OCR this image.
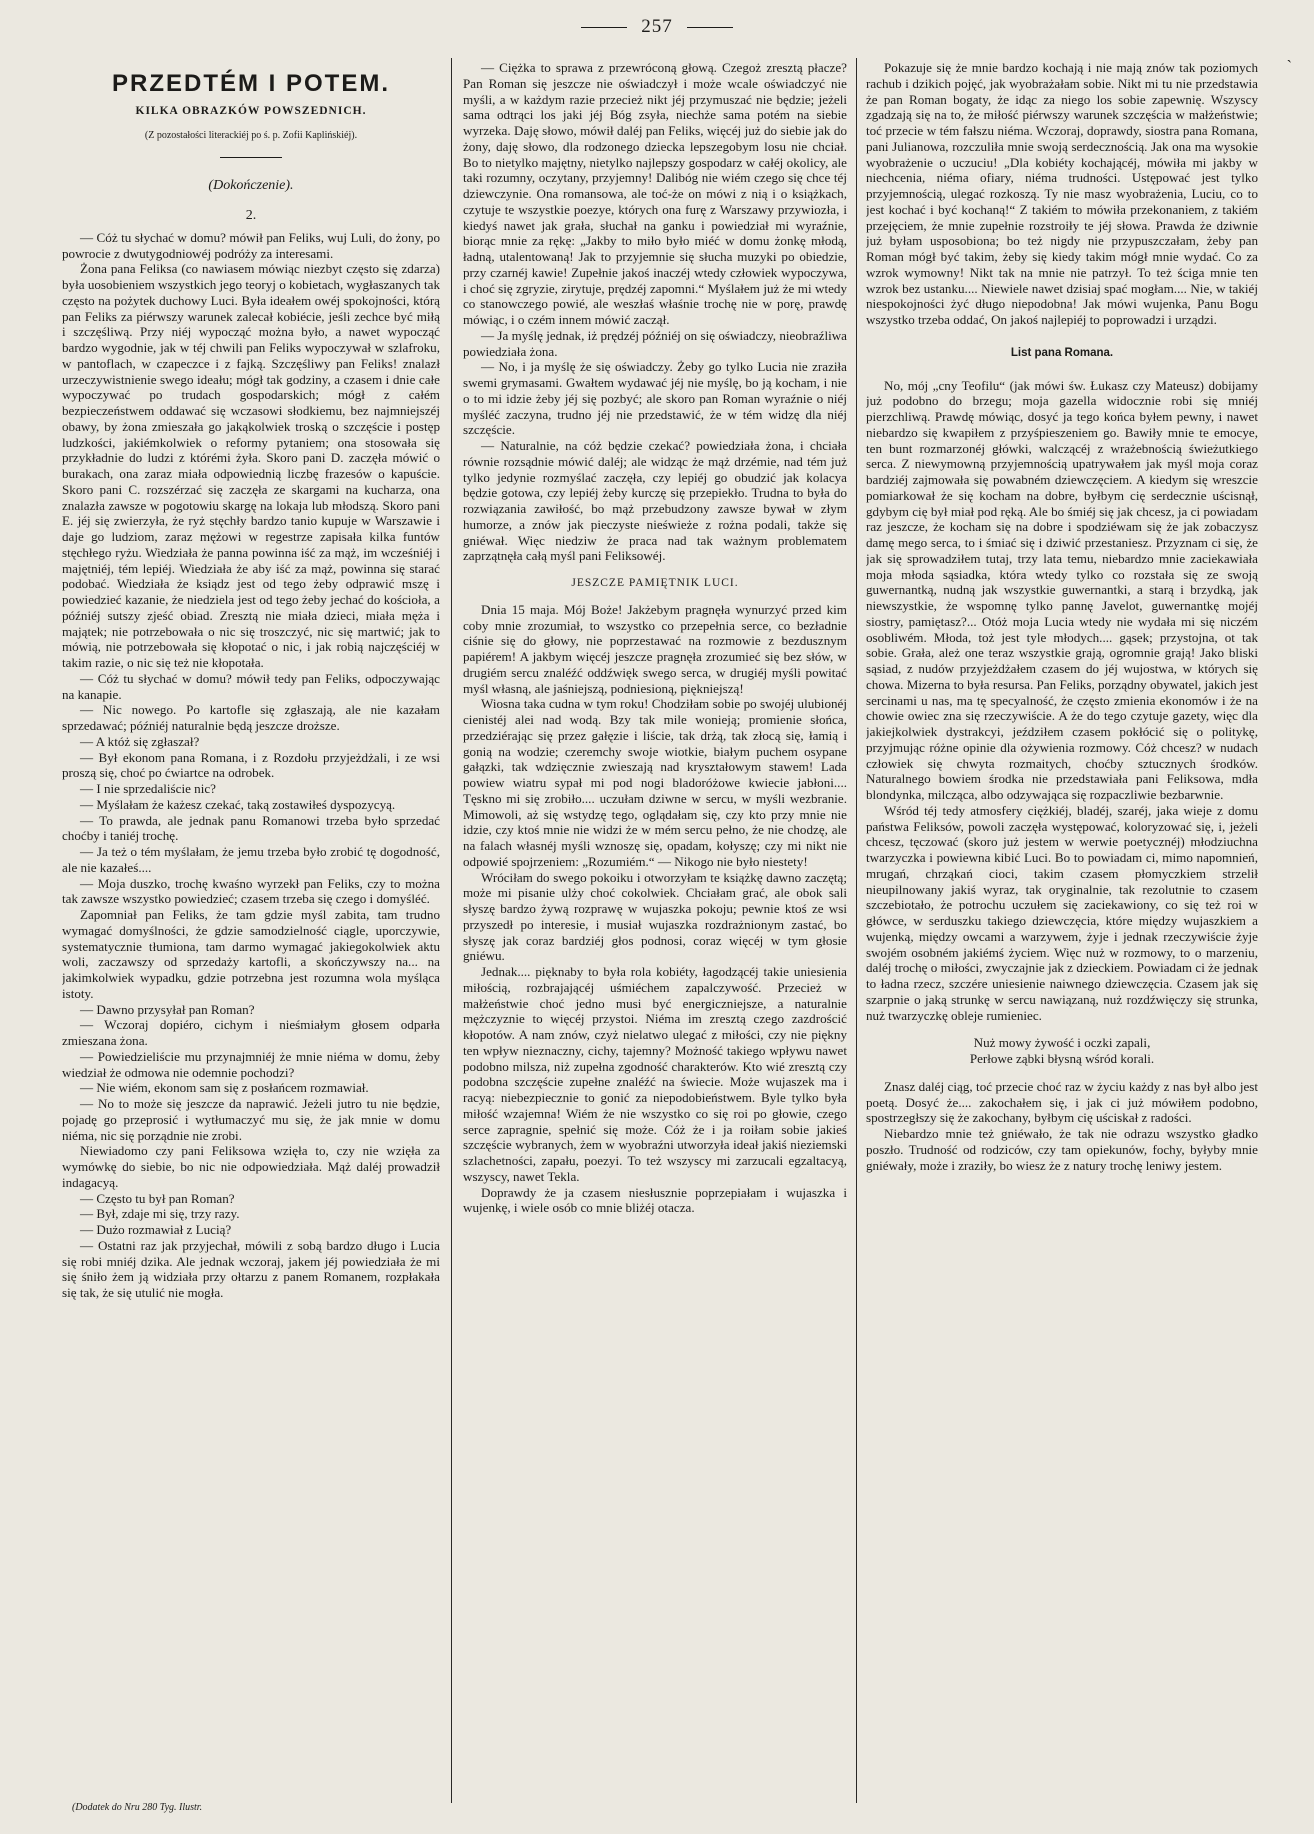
257
PRZEDTÉM I POTEM.
KILKA OBRAZKÓW POWSZEDNICH.
(Z pozostałości literackiéj po ś. p. Zofii Kaplińskiéj).
(Dokończenie).
2.

— Cóż tu słychać w domu? mówił pan Feliks, wuj Luli, do żony, po powrocie z dwutygodniowéj podróży za interesami.

Żona pana Feliksa (co nawiasem mówiąc niezbyt często się zdarza) była uosobieniem wszystkich jego teoryj o kobietach, wygłaszanych tak często na pożytek duchowy Luci. Była ideałem owéj spokojności, którą pan Feliks za piérwszy warunek zalecał kobiécie, jeśli zechce być miłą i szczęśliwą. Przy niéj wypocząć można było, a nawet wypocząć bardzo wygodnie, jak w téj chwili pan Feliks wypoczywał w szlafroku, w pantoflach, w czapeczce i z fajką. Szczęśliwy pan Feliks! znalazł urzeczywistnienie swego ideału; mógł tak godziny, a czasem i dnie całe wypoczywać po trudach gospodarskich; mógł z całém bezpieczeństwem oddawać się wczasowi słodkiemu, bez najmniejszéj obawy, by żona zmieszała go jakąkolwiek troską o szczęście i postęp ludzkości, jakiémkolwiek o reformy pytaniem; ona stosowała się przykładnie do ludzi z którémi żyła. Skoro pani D. zaczęła mówić o burakach, ona zaraz miała odpowiednią liczbę frazesów o kapuście. Skoro pani C. rozszérzać się zaczęła ze skargami na kucharza, ona znalazła zawsze w pogotowiu skargę na lokaja lub młodszą. Skoro pani E. jéj się zwierzyła, że ryż stęchły bardzo tanio kupuje w Warszawie i daje go ludziom, zaraz mężowi w regestrze zapisała kilka funtów stęchłego ryżu. Wiedziała że panna powinna iść za mąż, im wcześniéj i majętniéj, tém lepiéj. Wiedziała że aby iść za mąż, powinna się starać podobać. Wiedziała że ksiądz jest od tego żeby odprawić mszę i powiedzieć kazanie, że niedziela jest od tego żeby jechać do kościoła, a późniéj sutszy zjeść obiad. Zresztą nie miała dzieci, miała męża i majątek; nie potrzebowała o nic się troszczyć, nic się martwić; jak to mówią, nie potrzebowała się kłopotać o nic, i jak robią najczęściéj w takim razie, o nic się też nie kłopotała.

— Cóż tu słychać w domu? mówił tedy pan Feliks, odpoczywając na kanapie.

— Nic nowego. Po kartofle się zgłaszają, ale nie kazałam sprzedawać; późniéj naturalnie będą jeszcze droższe.

— A któż się zgłaszał?

— Był ekonom pana Romana, i z Rozdołu przyjeżdżali, i ze wsi proszą się, choć po ćwiartce na odrobek.

— I nie sprzedaliście nic?

— Myślałam że każesz czekać, taką zostawiłeś dyspozycyą.

— To prawda, ale jednak panu Romanowi trzeba było sprzedać choćby i taniéj trochę.

— Ja też o tém myślałam, że jemu trzeba było zrobić tę dogodność, ale nie kazałeś....

— Moja duszko, trochę kwaśno wyrzekł pan Feliks, czy to można tak zawsze wszystko powiedzieć; czasem trzeba się czego i domyśléć.

Zapomniał pan Feliks, że tam gdzie myśl zabita, tam trudno wymagać domyślności, że gdzie samodzielność ciągle, uporczywie, systematycznie tłumiona, tam darmo wymagać jakiegokolwiek aktu woli, zaczawszy od sprzedaży kartofli, a skończywszy na... na jakimkolwiek wypadku, gdzie potrzebna jest rozumna wola myśląca istoty.

— Dawno przysyłał pan Roman?

— Wczoraj dopiéro, cichym i nieśmiałym głosem odparła zmieszana żona.

— Powiedzieliście mu przynajmniéj że mnie niéma w domu, żeby wiedział że odmowa nie odemnie pochodzi?

— Nie wiém, ekonom sam się z posłańcem rozmawiał.

— No to może się jeszcze da naprawić. Jeżeli jutro tu nie będzie, pojadę go przeprosić i wytłumaczyć mu się, że jak mnie w domu niéma, nic się porządnie nie zrobi.

Niewiadomo czy pani Feliksowa wzięła to, czy nie wzięła za wymówkę do siebie, bo nic nie odpowiedziała. Mąż daléj prowadził indagacyą.

— Często tu był pan Roman?

— Był, zdaje mi się, trzy razy.

— Dużo rozmawiał z Lucią?

— Ostatni raz jak przyjechał, mówili z sobą bardzo długo i Lucia się robi mniéj dzika. Ale jednak wczoraj, jakem jéj powiedziała że mi się śniło żem ją widziała przy ołtarzu z panem Romanem, rozpłakała się tak, że się utulić nie mogła.

— Ciężka to sprawa z przewróconą głową. Czegoż zresztą płacze? Pan Roman się jeszcze nie oświadczył i może wcale oświadczyć nie myśli, a w każdym razie przecież nikt jéj przymuszać nie będzie; jeżeli sama odtrąci los jaki jéj Bóg zsyła, niechże sama potém na siebie wyrzeka. Daję słowo, mówił daléj pan Feliks, więcéj już do siebie jak do żony, daję słowo, dla rodzonego dziecka lepszegobym losu nie chciał. Bo to nietylko majętny, nietylko najlepszy gospodarz w całéj okolicy, ale taki rozumny, oczytany, przyjemny! Dalibóg nie wiém czego się chce téj dziewczynie. Ona romansowa, ale toć-że on mówi z nią i o książkach, czytuje te wszystkie poezye, których ona furę z Warszawy przywiozła, i kiedyś nawet jak grała, słuchał na ganku i powiedział mi wyraźnie, biorąc mnie za rękę: „Jakby to miło było miéć w domu żonkę młodą, ładną, utalentowaną! Jak to przyjemnie się słucha muzyki po obiedzie, przy czarnéj kawie! Zupełnie jakoś inaczéj wtedy człowiek wypoczywa, i choć się zgryzie, zirytuje, prędzéj zapomni.“ Myślałem już że mi wtedy co stanowczego powié, ale weszłaś właśnie trochę nie w porę, prawdę mówiąc, i o czém innem mówić zaczął.

— Ja myślę jednak, iż prędzéj późniéj on się oświadczy, nieobraźliwa powiedziała żona.

— No, i ja myślę że się oświadczy. Żeby go tylko Lucia nie zraziła swemi grymasami. Gwałtem wydawać jéj nie myślę, bo ją kocham, i nie o to mi idzie żeby jéj się pozbyć; ale skoro pan Roman wyraźnie o niéj myśléć zaczyna, trudno jéj nie przedstawić, że w tém widzę dla niéj szczęście.

— Naturalnie, na cóż będzie czekać? powiedziała żona, i chciała równie rozsądnie mówić daléj; ale widząc że mąż drzémie, nad tém już tylko jedynie rozmyślać zaczęła, czy lepiéj go obudzić jak kolacya będzie gotowa, czy lepiéj żeby kurczę się przepiekło. Trudna to była do rozwiązania zawiłość, bo mąż przebudzony zawsze bywał w złym humorze, a znów jak pieczyste nieświeże z rożna podali, także się gniéwał. Więc niedziw że praca nad tak ważnym problematem zaprzątnęła całą myśl pani Feliksowéj.

JESZCZE PAMIĘTNIK LUCI.

Dnia 15 maja. Mój Boże! Jakżebym pragnęła wynurzyć przed kim coby mnie zrozumiał, to wszystko co przepełnia serce, co bezładnie ciśnie się do głowy, nie poprzestawać na rozmowie z bezdusznym papiérem! A jakbym więcéj jeszcze pragnęła zrozumieć się bez słów, w drugiém sercu znaléźć oddźwięk swego serca, w drugiéj myśli powitać myśl własną, ale jaśniejszą, podniesioną, piękniejszą!

Wiosna taka cudna w tym roku! Chodziłam sobie po swojéj ulubionéj cienistéj alei nad wodą. Bzy tak mile wonieją; promienie słońca, przedziérając się przez gałęzie i liście, tak drżą, tak złocą się, łamią i gonią na wodzie; czeremchy swoje wiotkie, białym puchem osypane gałązki, tak wdzięcznie zwieszają nad kryształowym stawem! Lada powiew wiatru sypał mi pod nogi bladoróżowe kwiecie jabłoni.... Tęskno mi się zrobiło.... uczułam dziwne w sercu, w myśli wezbranie. Mimowoli, aż się wstydzę tego, oglądałam się, czy kto przy mnie nie idzie, czy ktoś mnie nie widzi że w mém sercu pełno, że nie chodzę, ale na falach własnéj myśli wznoszę się, opadam, kołyszę; czy mi nikt nie odpowié spojrzeniem: „Rozumiém.“ — Nikogo nie było niestety!

Wróciłam do swego pokoiku i otworzyłam te książkę dawno zaczętą; może mi pisanie ulży choć cokolwiek. Chciałam grać, ale obok sali słyszę bardzo żywą rozprawę w wujaszka pokoju; pewnie ktoś ze wsi przyszedł po interesie, i musiał wujaszka rozdrażnionym zastać, bo słyszę jak coraz bardziéj głos podnosi, coraz więcéj w tym głosie gniéwu.

Jednak.... pięknaby to była rola kobiéty, łagodzącéj takie uniesienia miłością, rozbrajającéj uśmiéchem zapalczywość. Przecież w małżeństwie choć jedno musi być energiczniejsze, a naturalnie mężczyznie to więcéj przystoi. Niéma im zresztą czego zazdrościć kłopotów. A nam znów, czyż nielatwo ulegać z miłości, czy nie piękny ten wpływ nieznaczny, cichy, tajemny? Możność takiego wpływu nawet podobno milsza, niż zupełna zgodność charakterów. Kto wié zresztą czy podobna szczęście zupełne znaléźć na świecie. Może wujaszek ma i racyą: niebezpiecznie to gonić za niepodobieństwem. Byle tylko była miłość wzajemna! Wiém że nie wszystko co się roi po głowie, czego serce zapragnie, spełnić się może. Cóż że i ja roiłam sobie jakieś szczęście wybranych, żem w wyobraźni utworzyła ideał jakiś nieziemski szlachetności, zapału, poezyi. To też wszyscy mi zarzucali egzaltacyą, wszyscy, nawet Tekla.

Doprawdy że ja czasem niesłusznie poprzepiałam i wujaszka i wujenkę, i wiele osób co mnie bliżéj otacza.

Pokazuje się że mnie bardzo kochają i nie mają znów tak poziomych rachub i dzikich pojęć, jak wyobrażałam sobie. Nikt mi tu nie przedstawia że pan Roman bogaty, że idąc za niego los sobie zapewnię. Wszyscy zgadzają się na to, że miłość piérwszy warunek szczęścia w małżeństwie; toć przecie w tém fałszu niéma. Wczoraj, doprawdy, siostra pana Romana, pani Julianowa, rozczuliła mnie swoją serdecznością. Jak ona ma wysokie wyobrażenie o uczuciu! „Dla kobiéty kochającéj, mówiła mi jakby w niechcenia, niéma ofiary, niéma trudności. Ustępować jest tylko przyjemnością, ulegać rozkoszą. Ty nie masz wyobrażenia, Luciu, co to jest kochać i być kochaną!“ Z takiém to mówiła przekonaniem, z takiém przejęciem, że mnie zupełnie rozstroiły te jéj słowa. Prawda że dziwnie już byłam usposobiona; bo też nigdy nie przypuszczałam, żeby pan Roman mógł być takim, żeby się kiedy takim mógł mnie wydać. Co za wzrok wymowny! Nikt tak na mnie nie patrzył. To też ściga mnie ten wzrok bez ustanku.... Niewiele nawet dzisiaj spać mogłam.... Nie, w takiéj niespokojności żyć długo niepodobna! Jak mówi wujenka, Panu Bogu wszystko trzeba oddać, On jakoś najlepiéj to poprowadzi i urządzi.

List pana Romana.

No, mój „cny Teofilu“ (jak mówi św. Łukasz czy Mateusz) dobijamy już podobno do brzegu; moja gazella widocznie robi się mniéj pierzchliwą. Prawdę mówiąc, dosyć ja tego końca byłem pewny, i nawet niebardzo się kwapiłem z przyśpieszeniem go. Bawiły mnie te emocye, ten bunt rozmarzonéj główki, walczącéj z wrażebnością świeżutkiego serca. Z niewymowną przyjemnością upatrywałem jak myśl moja coraz bardziéj zajmowała się powabném dziewczęciem. A kiedym się wreszcie pomiarkował że się kocham na dobre, byłbym cię serdecznie uścisnął, gdybym cię był miał pod ręką. Ale bo śmiéj się jak chcesz, ja ci powiadam raz jeszcze, że kocham się na dobre i spodziéwam się że jak zobaczysz damę mego serca, to i śmiać się i dziwić przestaniesz. Przyznam ci się, że jak się sprowadziłem tutaj, trzy lata temu, niebardzo mnie zaciekawiała moja młoda sąsiadka, która wtedy tylko co rozstała się ze swoją guwernantką, nudną jak wszystkie guwernantki, a starą i brzydką, jak niewszystkie, że wspomnę tylko pannę Javelot, guwernantkę mojéj siostry, pamiętasz?... Otóż moja Lucia wtedy nie wydała mi się niczém osobliwém. Młoda, toż jest tyle młodych.... gąsek; przystojna, ot tak sobie. Grała, ależ one teraz wszystkie grają, ogromnie grają! Jako bliski sąsiad, z nudów przyjeżdżałem czasem do jéj wujostwa, w których się chowa. Mizerna to była resursa. Pan Feliks, porządny obywatel, jakich jest sercinami u nas, ma tę specyalność, że często zmienia ekonomów i że na chowie owiec zna się rzeczywiście. A że do tego czytuje gazety, więc dla jakiejkolwiek dystrakcyi, jeździłem czasem pokłócić się o politykę, przyjmując różne opinie dla ożywienia rozmowy. Cóż chcesz? w nudach człowiek się chwyta rozmaitych, choćby sztucznych środków. Naturalnego bowiem środka nie przedstawiała pani Feliksowa, mdła blondynka, milcząca, albo odzywająca się rozpaczliwie bezbarwnie.

Wśród téj tedy atmosfery ciężkiéj, bladéj, szaréj, jaka wieje z domu państwa Feliksów, powoli zaczęła występować, koloryzować się, i, jeżeli chcesz, tęczować (skoro już jestem w werwie poetycznéj) młodziuchna twarzyczka i powiewna kibić Luci. Bo to powiadam ci, mimo napomnień, mrugań, chrząkań cioci, takim czasem płomyczkiem strzelił nieupilnowany jakiś wyraz, tak oryginalnie, tak rezolutnie to czasem szczebiotało, że potrochu uczułem się zaciekawiony, co się też roi w główce, w serduszku takiego dziewczęcia, które między wujaszkiem a wujenką, między owcami a warzywem, żyje i jednak rzeczywiście żyje swojém osobném jakiémś życiem. Więc nuż w rozmowy, to o marzeniu, daléj trochę o miłości, zwyczajnie jak z dzieckiem. Powiadam ci że jednak to ładna rzecz, szczére uniesienie naiwnego dziewczęcia. Czasem jak się szarpnie o jaką strunkę w sercu nawiązaną, nuż rozdźwięczy się strunka, nuż twarzyczkę obleje rumieniec.

Nuż mowy żywość i oczki zapali,
Perłowe ząbki błysną wśród korali.

Znasz daléj ciąg, toć przecie choć raz w życiu każdy z nas był albo jest poetą. Dosyć że.... zakochałem się, i jak ci już mówiłem podobno, spostrzegłszy się że zakochany, byłbym cię uściskał z radości.

Niebardzo mnie też gniéwało, że tak nie odrazu wszystko gładko poszło. Trudność od rodziców, czy tam opiekunów, fochy, byłyby mnie gniéwały, może i zraziły, bo wiesz że z natury trochę leniwy jestem.

(Dodatek do Nru 280 Tyg. Ilustr.
`
